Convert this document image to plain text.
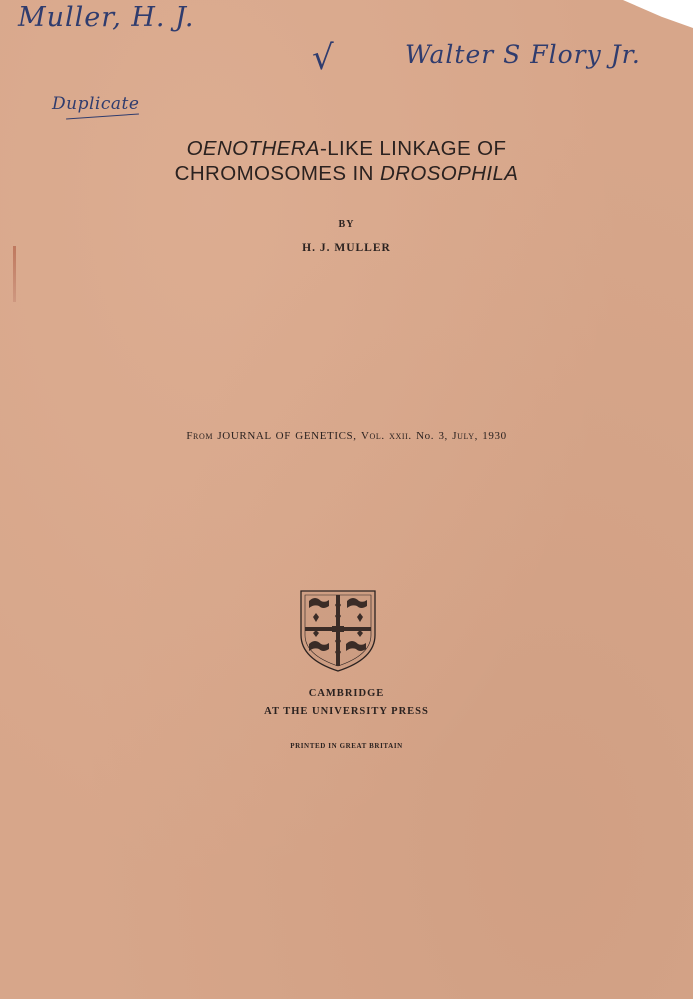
Muller, H. J.
√	Walter S Flory Jr.
Duplicate
OENOTHERA-LIKE LINKAGE OF
CHROMOSOMES IN DROSOPHILA
BY
H. J. MULLER
From JOURNAL OF GENETICS, Vol. xxii. No. 3, July, 1930
CAMBRIDGE
AT THE UNIVERSITY PRESS
PRINTED IN GREAT BRITAIN
